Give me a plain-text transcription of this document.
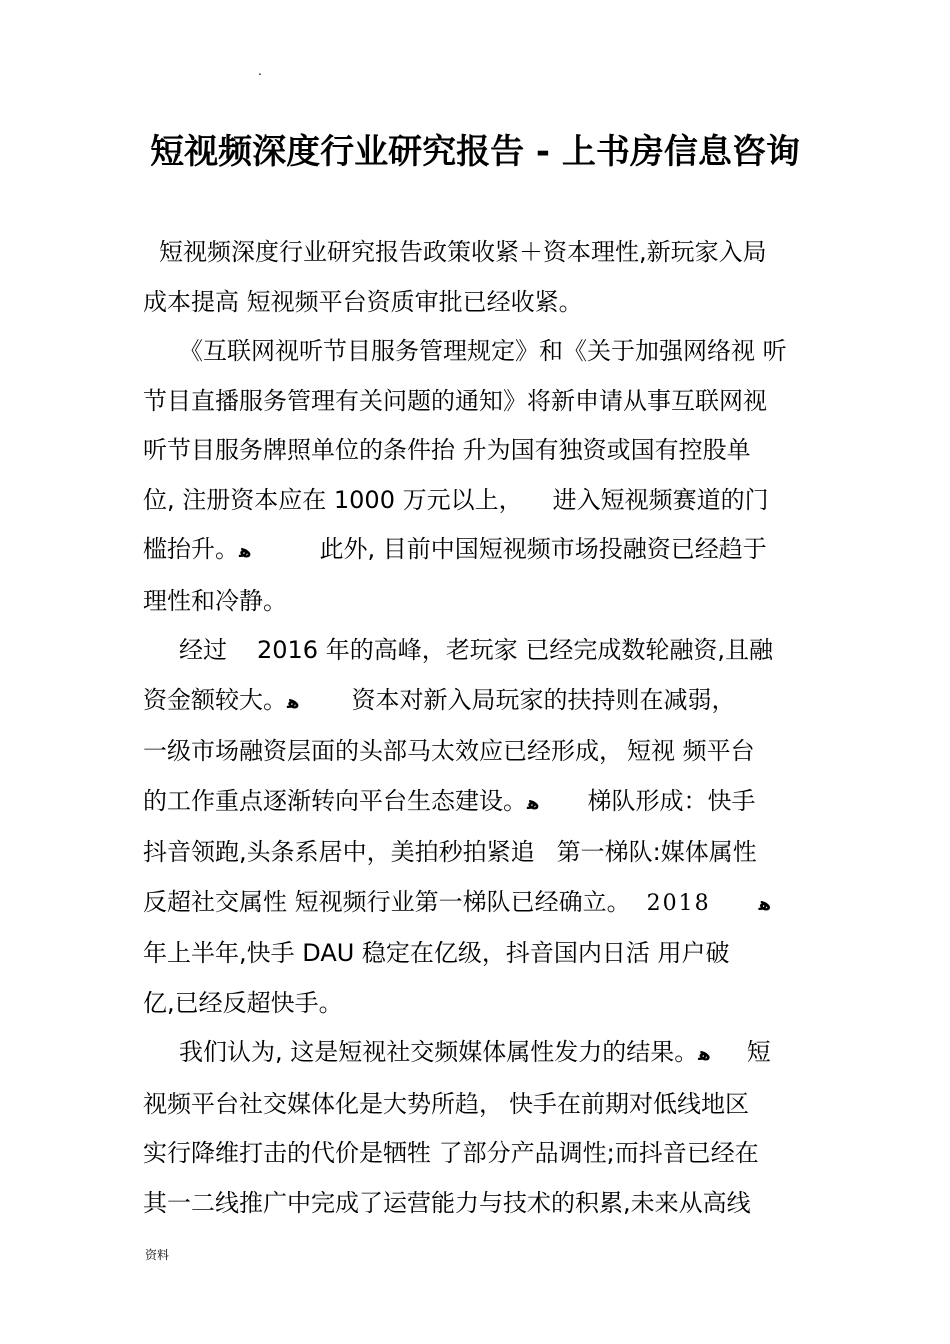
.
短视频深度行业研究报告 - 上书房信息咨询

短视频深度行业研究报告政策收紧＋资本理性,新玩家入局
成本提高 短视频平台资质审批已经收紧。

《互联网视听节目服务管理规定》和《关于加强网络视 听
节目直播服务管理有关问题的通知》将新申请从事互联网视
听节目服务牌照单位的条件抬 升为国有独资或国有控股单
位, 注册资本应在 1000 万元以上， 进入短视频赛道的门
槛抬升。ﻫ	此外, 目前中国短视频市场投融资已经趋于
理性和冷静。

经过 2016 年的高峰，老玩家 已经完成数轮融资,且融
资金额较大。ﻫ 资本对新入局玩家的扶持则在减弱，
一级市场融资层面的头部马太效应已经形成， 短视 频平台
的工作重点逐渐转向平台生态建设。ﻫ 梯队形成：快手
抖音领跑,头条系居中，美拍秒拍紧追 第一梯队:媒体属性
反超社交属性 短视频行业第一梯队已经确立。 2018	ﻫ
年上半年,快手 DAU 稳定在亿级，抖音国内日活 用户破
亿,已经反超快手。

我们认为, 这是短视社交频媒体属性发力的结果。ﻫ 短
视频平台社交媒体化是大势所趋， 快手在前期对低线地区
实行降维打击的代价是牺牲 了部分产品调性;而抖音已经在
其一二线推广中完成了运营能力与技术的积累,未来从高线

资料
